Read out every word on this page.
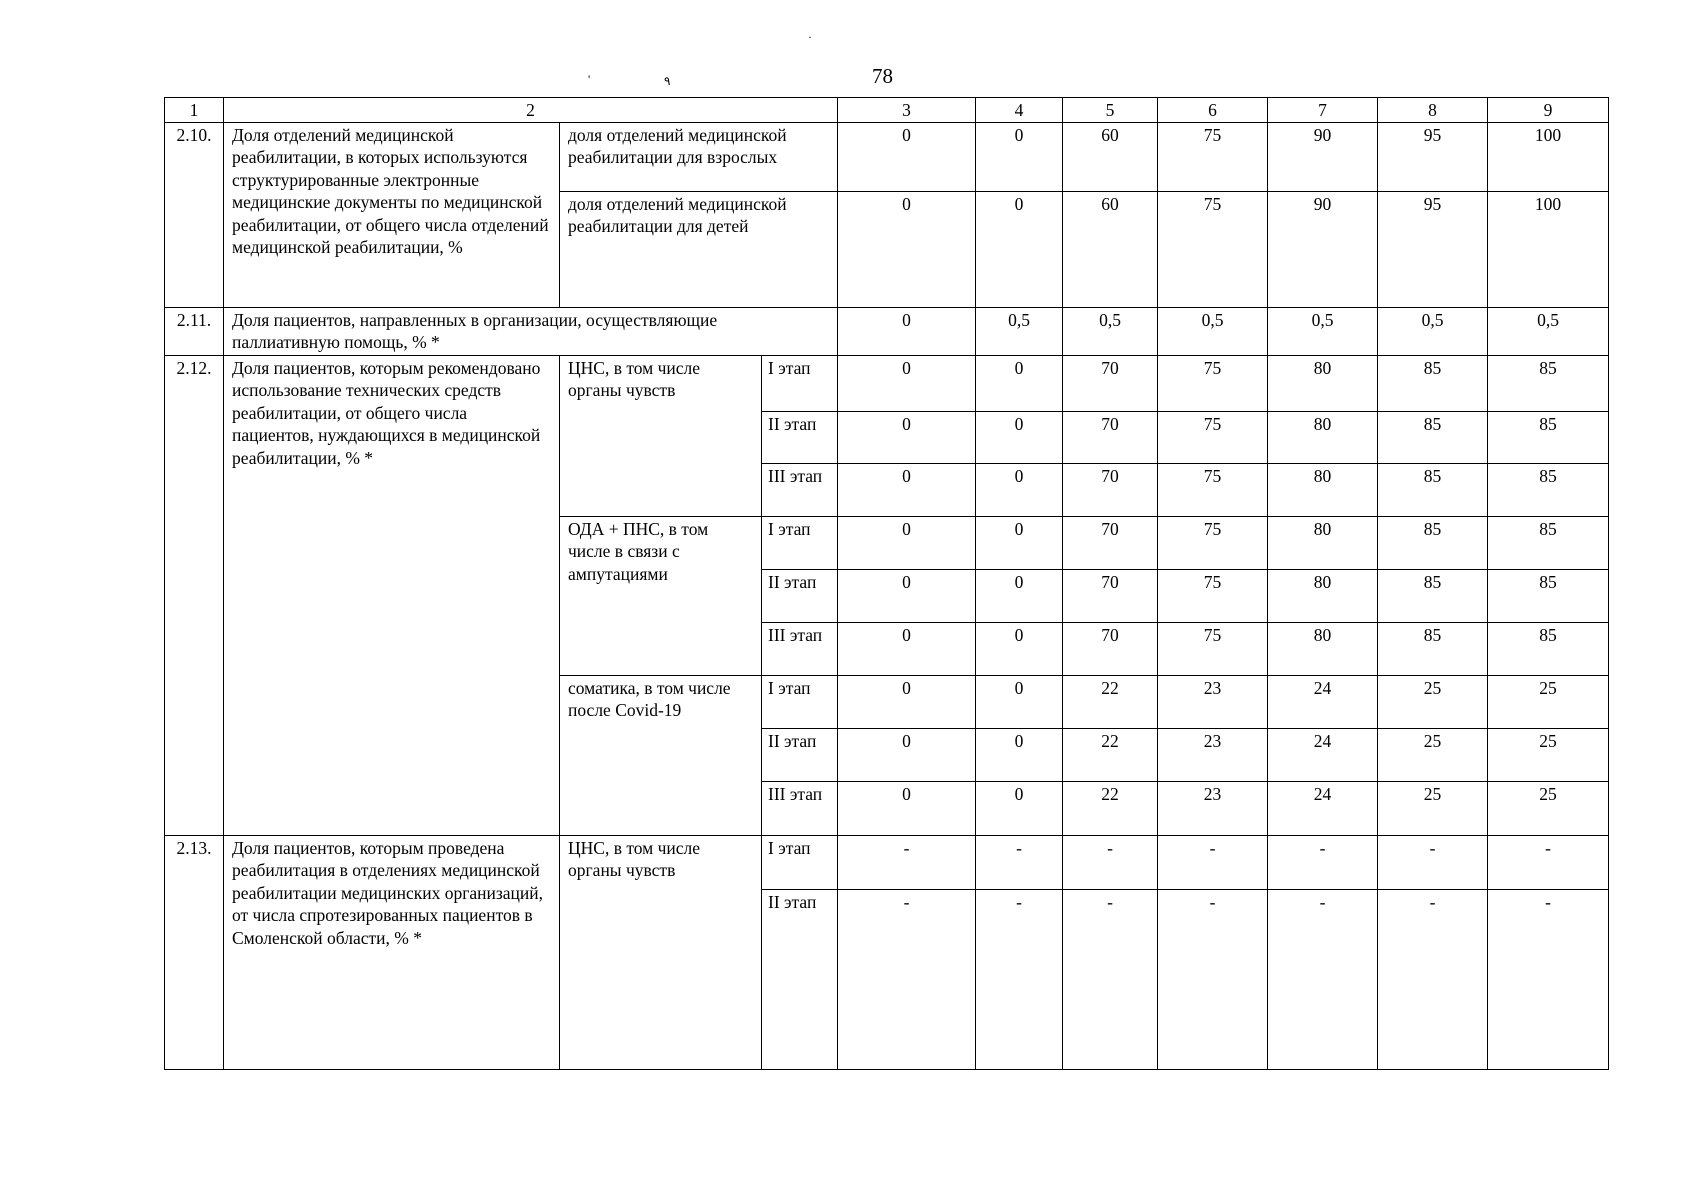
78
'	٩
·
1	2			3	4	5	6	7	8	9
2.10.	Доля отделений медицинской реабилитации, в которых используются структурированные электронные медицинские документы по медицинской реабилитации, от общего числа отделений медицинской реабилитации, %	доля отделений медицинской реабилитации для взрослых		0	0	60	75	90	95	100
		доля отделений медицинской реабилитации для детей		0	0	60	75	90	95	100
2.11.	Доля пациентов, направленных в организации, осуществляющие паллиативную помощь, % *			0	0,5	0,5	0,5	0,5	0,5	0,5
2.12.	Доля пациентов, которым рекомендовано использование технических средств реабилитации, от общего числа пациентов, нуждающихся в медицинской реабилитации, % *	ЦНС, в том числе органы чувств	I этап	0	0	70	75	80	85	85
			II этап	0	0	70	75	80	85	85
			III этап	0	0	70	75	80	85	85
		ОДА + ПНС, в том числе в связи с ампутациями	I этап	0	0	70	75	80	85	85
			II этап	0	0	70	75	80	85	85
			III этап	0	0	70	75	80	85	85
		соматика, в том числе после Covid-19	I этап	0	0	22	23	24	25	25
			II этап	0	0	22	23	24	25	25
			III этап	0	0	22	23	24	25	25
2.13.	Доля пациентов, которым проведена реабилитация в отделениях медицинской реабилитации медицинских организаций, от числа спротезированных пациентов в Смоленской области, % *	ЦНС, в том числе органы чувств	I этап	-	-	-	-	-	-	-
			II этап	-	-	-	-	-	-	-
